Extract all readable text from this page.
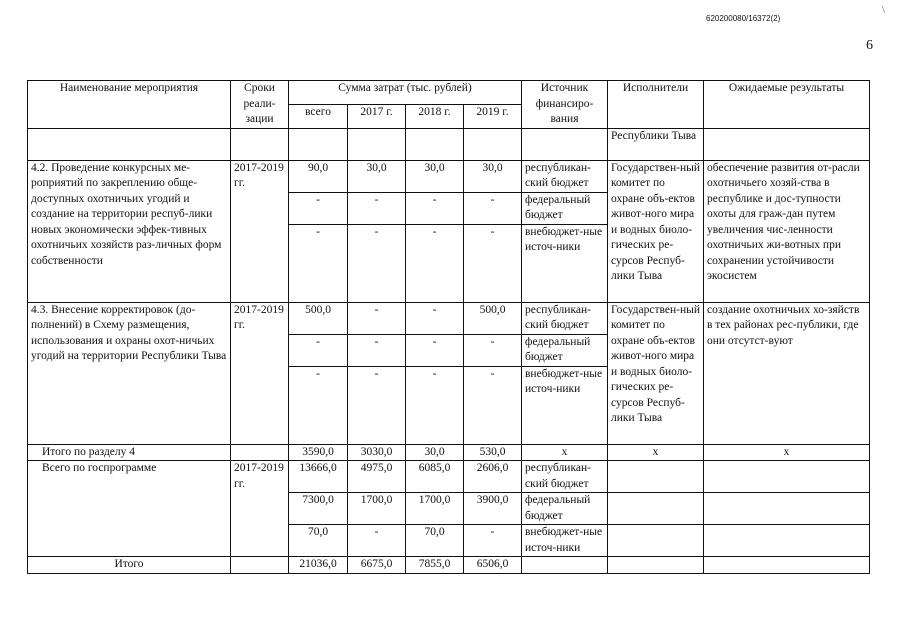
\
620200080/16372(2)
6
Наименование мероприятия	Сроки реали-зации	Сумма затрат (тыс. рублей)				Источник финансиро-вания	Исполнители	Ожидаемые результаты
		всего	2017 г.	2018 г.	2019 г.			
							Республики Тыва	
4.2. Проведение конкурсных ме-роприятий по закреплению обще-доступных охотничьих угодий и создание на территории респуб-лики новых экономически эффек-тивных охотничьих хозяйств раз-личных форм собственности	2017-2019 гг.	90,0	30,0	30,0	30,0	республикан-ский бюджет	Государствен-ный комитет по охране объ-ектов живот-ного мира и водных биоло-гических ре-сурсов Респуб-лики Тыва	обеспечение развития от-расли охотничьего хозяй-ства в республике и дос-тупности охоты для граж-дан путем увеличения чис-ленности охотничьих жи-вотных при сохранении устойчивости экосистем
		-	-	-	-	федеральный бюджет		
		-	-	-	-	внебюджет-ные источ-ники		
4.3. Внесение корректировок (до-полнений) в Схему размещения, использования и охраны охот-ничьих угодий на территории Республики Тыва	2017-2019 гг.	500,0	-	-	500,0	республикан-ский бюджет	Государствен-ный комитет по охране объ-ектов живот-ного мира и водных биоло-гических ре-сурсов Респуб-лики Тыва	создание охотничьих хо-зяйств в тех районах рес-публики, где они отсутст-вуют
		-	-	-	-	федеральный бюджет		
		-	-	-	-	внебюджет-ные источ-ники		
Итого по разделу 4		3590,0	3030,0	30,0	530,0	x	x	x
Всего по госпрограмме	2017-2019 гг.	13666,0	4975,0	6085,0	2606,0	республикан-ский бюджет		
		7300,0	1700,0	1700,0	3900,0	федеральный бюджет		
		70,0	-	70,0	-	внебюджет-ные источ-ники		
Итого		21036,0	6675,0	7855,0	6506,0			
